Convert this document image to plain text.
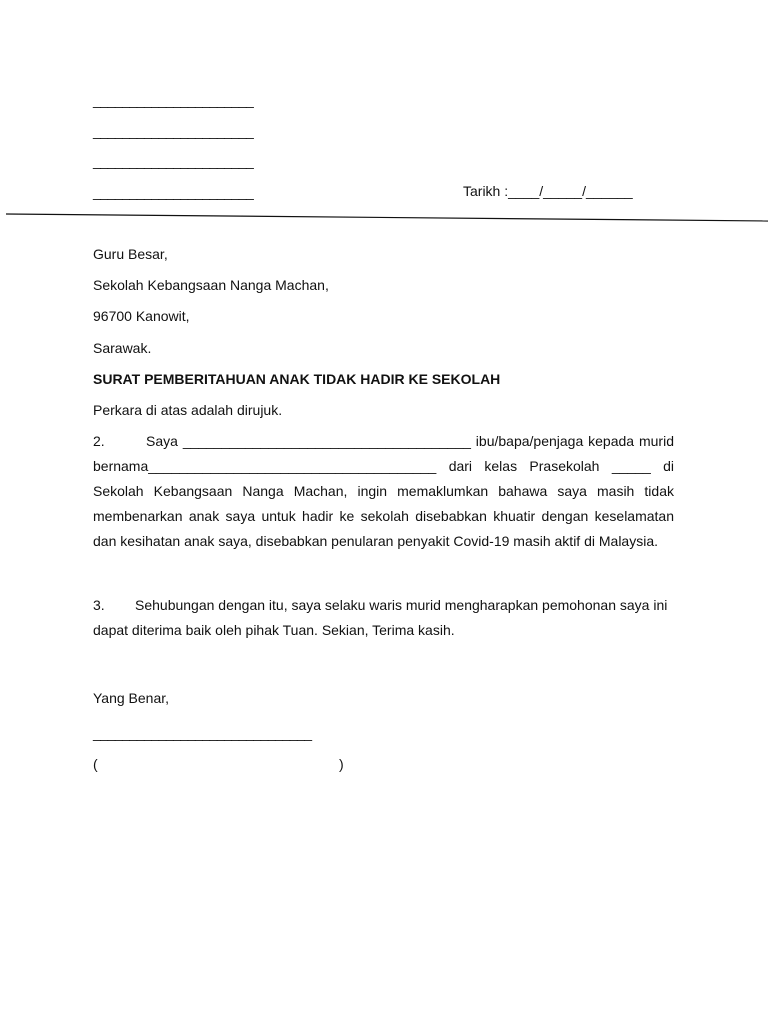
______________________
______________________
______________________
______________________	Tarikh :____/_____/______
Guru Besar,
Sekolah Kebangsaan Nanga Machan,
96700 Kanowit,
Sarawak.
SURAT PEMBERITAHUAN ANAK TIDAK HADIR KE SEKOLAH
Perkara di atas adalah dirujuk.
2.	Saya _____________________________________ ibu/bapa/penjaga kepada murid bernama_____________________________________ dari kelas Prasekolah _____ di Sekolah Kebangsaan Nanga Machan, ingin memaklumkan bahawa saya masih tidak membenarkan anak saya untuk hadir ke sekolah disebabkan khuatir dengan keselamatan dan kesihatan anak saya, disebabkan penularan penyakit Covid-19 masih aktif di Malaysia.
3. Sehubungan dengan itu, saya selaku waris murid mengharapkan pemohonan saya ini dapat diterima baik oleh pihak Tuan. Sekian, Terima kasih.
Yang Benar,
______________________________
(	)
